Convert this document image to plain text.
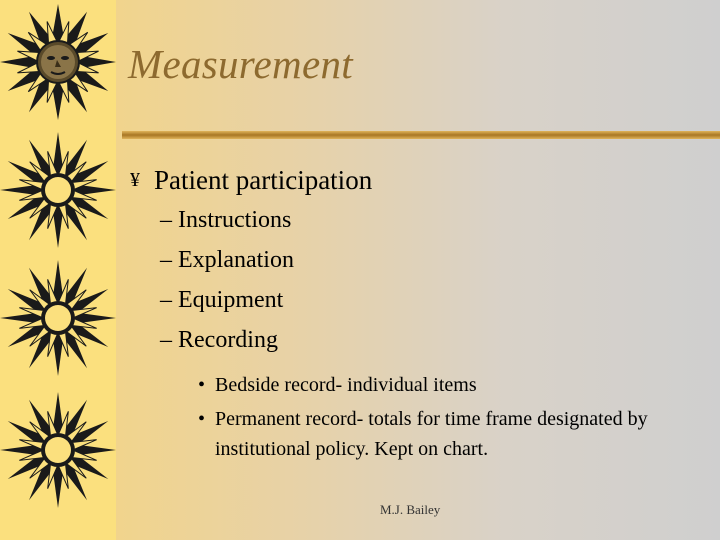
Measurement
¥ Patient participation
– Instructions
– Explanation
– Equipment
– Recording
• Bedside record- individual items
• Permanent record- totals for time frame designated by institutional policy. Kept on chart.
M.J. Bailey
